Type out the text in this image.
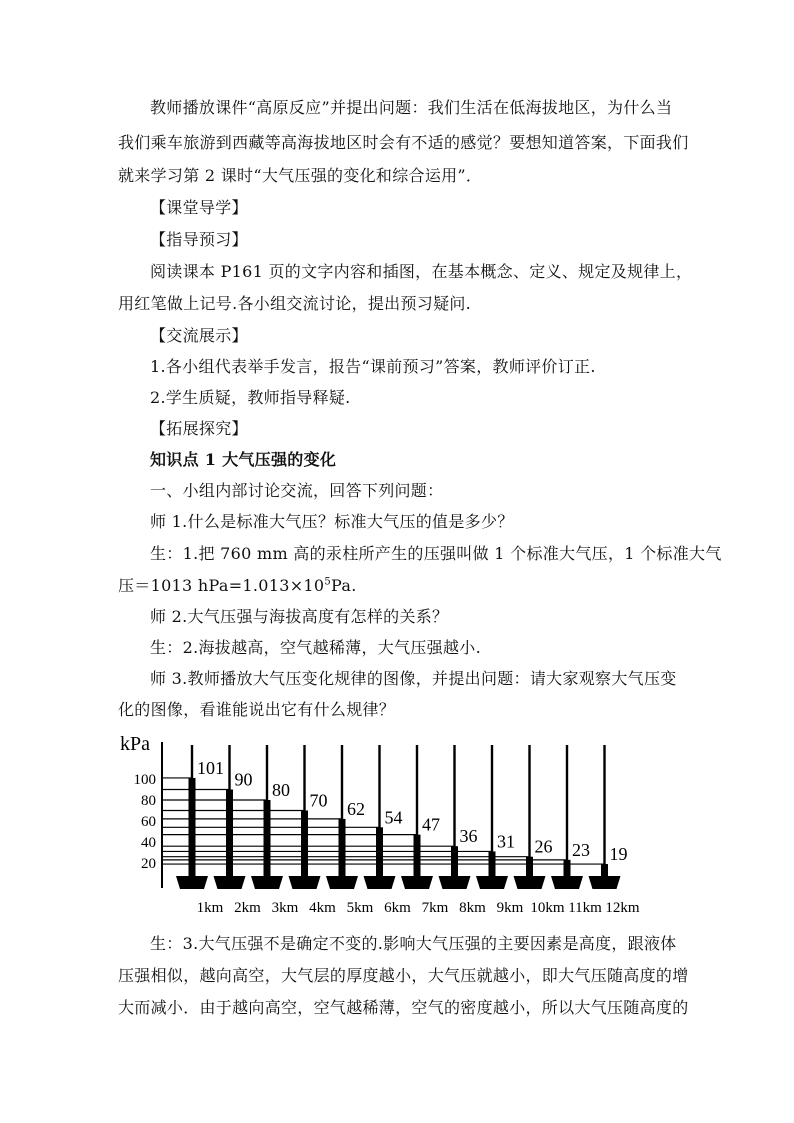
教师播放课件“高原反应”并提出问题：我们生活在低海拔地区，为什么当
我们乘车旅游到西藏等高海拔地区时会有不适的感觉？要想知道答案，下面我们
就来学习第 2 课时“大气压强的变化和综合运用”．
【课堂导学】
【指导预习】
阅读课本 P161 页的文字内容和插图，在基本概念、定义、规定及规律上，
用红笔做上记号.各小组交流讨论，提出预习疑问.
【交流展示】
1.各小组代表举手发言，报告“课前预习”答案，教师评价订正.
2.学生质疑，教师指导释疑.
【拓展探究】
知识点 1 大气压强的变化
一、小组内部讨论交流，回答下列问题：
师 1.什么是标准大气压？标准大气压的值是多少？
生：1.把 760 mm 高的汞柱所产生的压强叫做 1 个标准大气压，1 个标准大气
压＝1013 $hPa=1.013\times 10^5Pa$.
师 2.大气压强与海拔高度有怎样的关系？
生：2.海拔越高，空气越稀薄，大气压强越小.
师 3.教师播放大气压变化规律的图像，并提出问题：请大家观察大气压变
化的图像，看谁能说出它有什么规律？
kPa
100
80
60
40
20
101
90
80
70 62 54 47
36 31 26 23 19
1km 2km 3km 4km 5km 6km 7km 8km 9km 10km 11km 12km
生：3.大气压强不是确定不变的.影响大气压强的主要因素是高度，跟液体
压强相似，越向高空，大气层的厚度越小，大气压就越小，即大气压随高度的增
大而减小．由于越向高空，空气越稀薄，空气的密度越小，所以大气压随高度的
